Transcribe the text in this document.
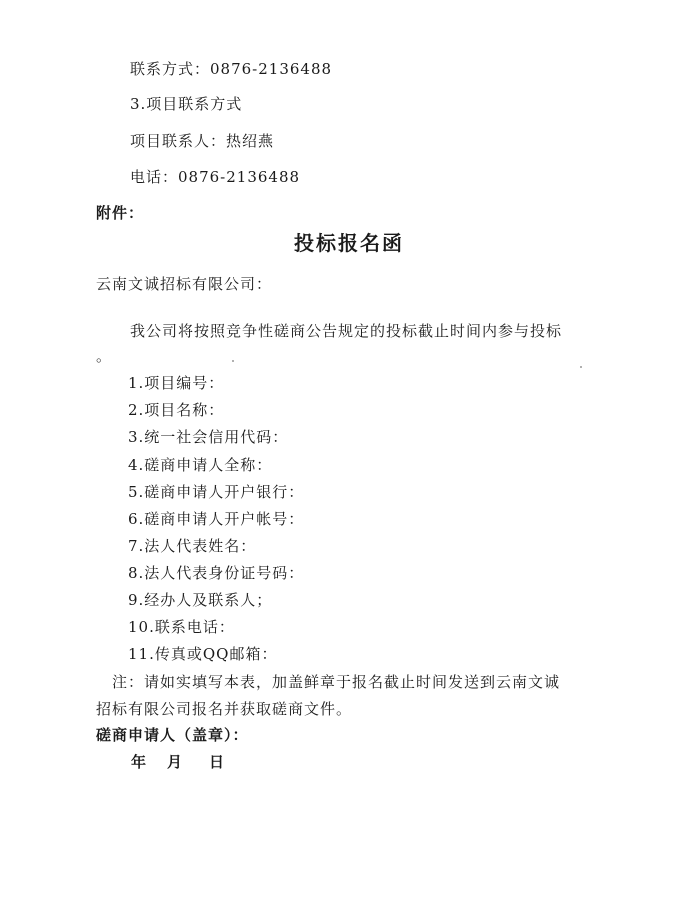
联系方式：0876-2136488
3.项目联系方式
项目联系人：热绍燕
电话：0876-2136488
附件：
投标报名函
云南文诚招标有限公司：
我公司将按照竞争性磋商公告规定的投标截止时间内参与投标
。
1.项目编号：
2.项目名称：
3.统一社会信用代码：
4.磋商申请人全称：
5.磋商申请人开户银行：
6.磋商申请人开户帐号：
7.法人代表姓名：
8.法人代表身份证号码：
9.经办人及联系人；
10.联系电话：
11.传真或QQ邮箱：
注：请如实填写本表，加盖鲜章于报名截止时间发送到云南文诚
招标有限公司报名并获取磋商文件。
磋商申请人（盖章）：
年 月 日
